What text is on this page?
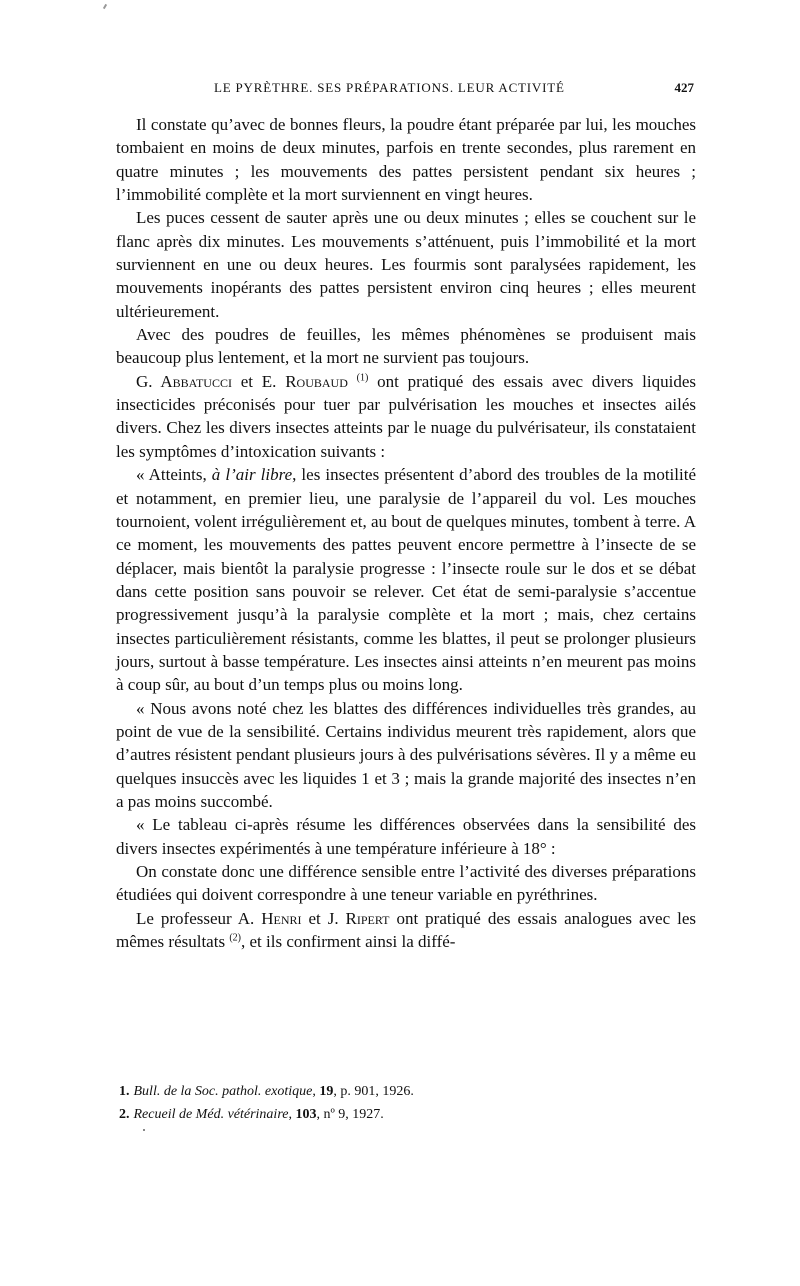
LE PYRÈTHRE. SES PRÉPARATIONS. LEUR ACTIVITÉ	427

Il constate qu’avec de bonnes fleurs, la poudre étant préparée par lui, les mouches tombaient en moins de deux minutes, parfois en trente secondes, plus rarement en quatre minutes ; les mouvements des pattes persistent pendant six heures ; l’immobilité complète et la mort surviennent en vingt heures.

Les puces cessent de sauter après une ou deux minutes ; elles se couchent sur le flanc après dix minutes. Les mouvements s’atténuent, puis l’immobilité et la mort surviennent en une ou deux heures. Les fourmis sont paralysées rapidement, les mouvements inopérants des pattes persistent environ cinq heures ; elles meurent ultérieurement.

Avec des poudres de feuilles, les mêmes phénomènes se produisent mais beaucoup plus lentement, et la mort ne survient pas toujours.

G. Abbatucci et E. Roubaud $^{(1)}$ ont pratiqué des essais avec divers liquides insecticides préconisés pour tuer par pulvérisation les mouches et insectes ailés divers. Chez les divers insectes atteints par le nuage du pulvérisateur, ils constataient les symptômes d’intoxication suivants :

« Atteints, à l’air libre, les insectes présentent d’abord des troubles de la motilité et notamment, en premier lieu, une paralysie de l’appareil du vol. Les mouches tournoient, volent irrégulièrement et, au bout de quelques minutes, tombent à terre. A ce moment, les mouvements des pattes peuvent encore permettre à l’insecte de se déplacer, mais bientôt la paralysie progresse : l’insecte roule sur le dos et se débat dans cette position sans pouvoir se relever. Cet état de semi-paralysie s’accentue progressivement jusqu’à la paralysie complète et la mort ; mais, chez certains insectes particulièrement résistants, comme les blattes, il peut se prolonger plusieurs jours, surtout à basse température. Les insectes ainsi atteints n’en meurent pas moins à coup sûr, au bout d’un temps plus ou moins long.

« Nous avons noté chez les blattes des différences individuelles très grandes, au point de vue de la sensibilité. Certains individus meurent très rapidement, alors que d’autres résistent pendant plusieurs jours à des pulvérisations sévères. Il y a même eu quelques insuccès avec les liquides 1 et 3 ; mais la grande majorité des insectes n’en a pas moins succombé.

« Le tableau ci-après résume les différences observées dans la sensibilité des divers insectes expérimentés à une température inférieure à 18° :

On constate donc une différence sensible entre l’activité des diverses préparations étudiées qui doivent correspondre à une teneur variable en pyréthrines.

Le professeur A. Henri et J. Ripert ont pratiqué des essais analogues avec les mêmes résultats $^{(2)}$, et ils confirment ainsi la diffé-

1. Bull. de la Soc. pathol. exotique, 19, p. 901, 1926.

2. Recueil de Méd. vétérinaire, 103, nº 9, 1927.
